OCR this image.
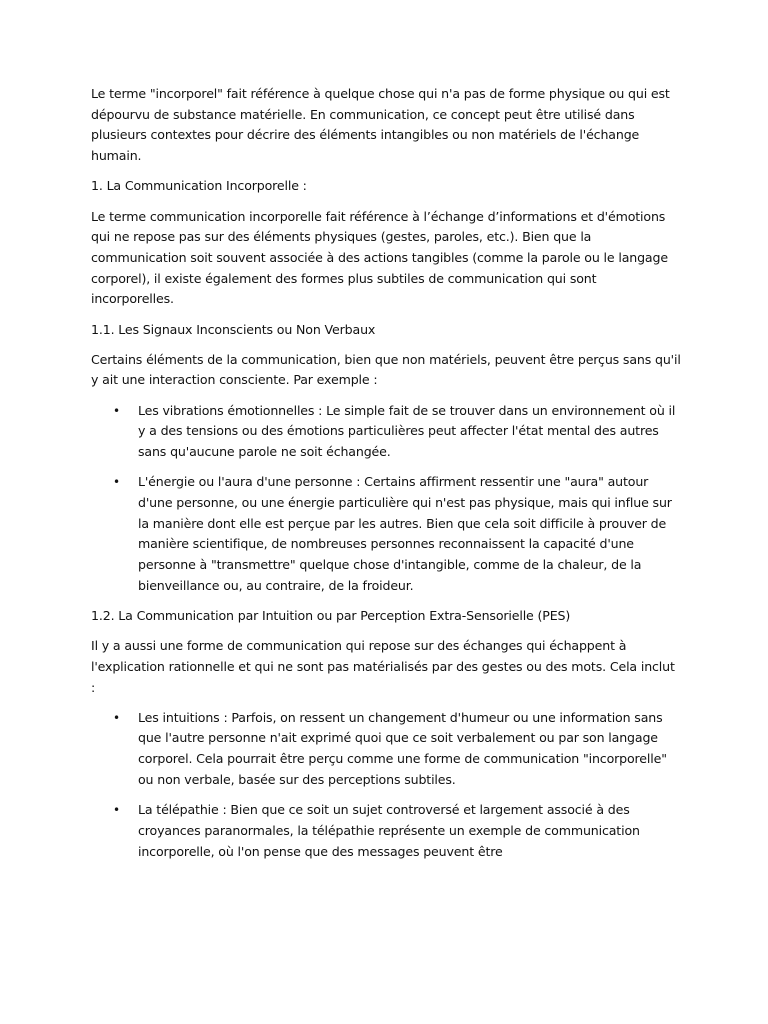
Le terme "incorporel" fait référence à quelque chose qui n'a pas de forme physique ou qui est dépourvu de substance matérielle. En communication, ce concept peut être utilisé dans plusieurs contextes pour décrire des éléments intangibles ou non matériels de l'échange humain.

1. La Communication Incorporelle :

Le terme communication incorporelle fait référence à l’échange d’informations et d'émotions qui ne repose pas sur des éléments physiques (gestes, paroles, etc.). Bien que la communication soit souvent associée à des actions tangibles (comme la parole ou le langage corporel), il existe également des formes plus subtiles de communication qui sont incorporelles.

1.1. Les Signaux Inconscients ou Non Verbaux

Certains éléments de la communication, bien que non matériels, peuvent être perçus sans qu'il y ait une interaction consciente. Par exemple :

• Les vibrations émotionnelles : Le simple fait de se trouver dans un environnement où il y a des tensions ou des émotions particulières peut affecter l'état mental des autres sans qu'aucune parole ne soit échangée.
• L'énergie ou l'aura d'une personne : Certains affirment ressentir une "aura" autour d'une personne, ou une énergie particulière qui n'est pas physique, mais qui influe sur la manière dont elle est perçue par les autres. Bien que cela soit difficile à prouver de manière scientifique, de nombreuses personnes reconnaissent la capacité d'une personne à "transmettre" quelque chose d'intangible, comme de la chaleur, de la bienveillance ou, au contraire, de la froideur.

1.2. La Communication par Intuition ou par Perception Extra-Sensorielle (PES)

Il y a aussi une forme de communication qui repose sur des échanges qui échappent à l'explication rationnelle et qui ne sont pas matérialisés par des gestes ou des mots. Cela inclut :

• Les intuitions : Parfois, on ressent un changement d'humeur ou une information sans que l'autre personne n'ait exprimé quoi que ce soit verbalement ou par son langage corporel. Cela pourrait être perçu comme une forme de communication "incorporelle" ou non verbale, basée sur des perceptions subtiles.
• La télépathie : Bien que ce soit un sujet controversé et largement associé à des croyances paranormales, la télépathie représente un exemple de communication incorporelle, où l'on pense que des messages peuvent être
